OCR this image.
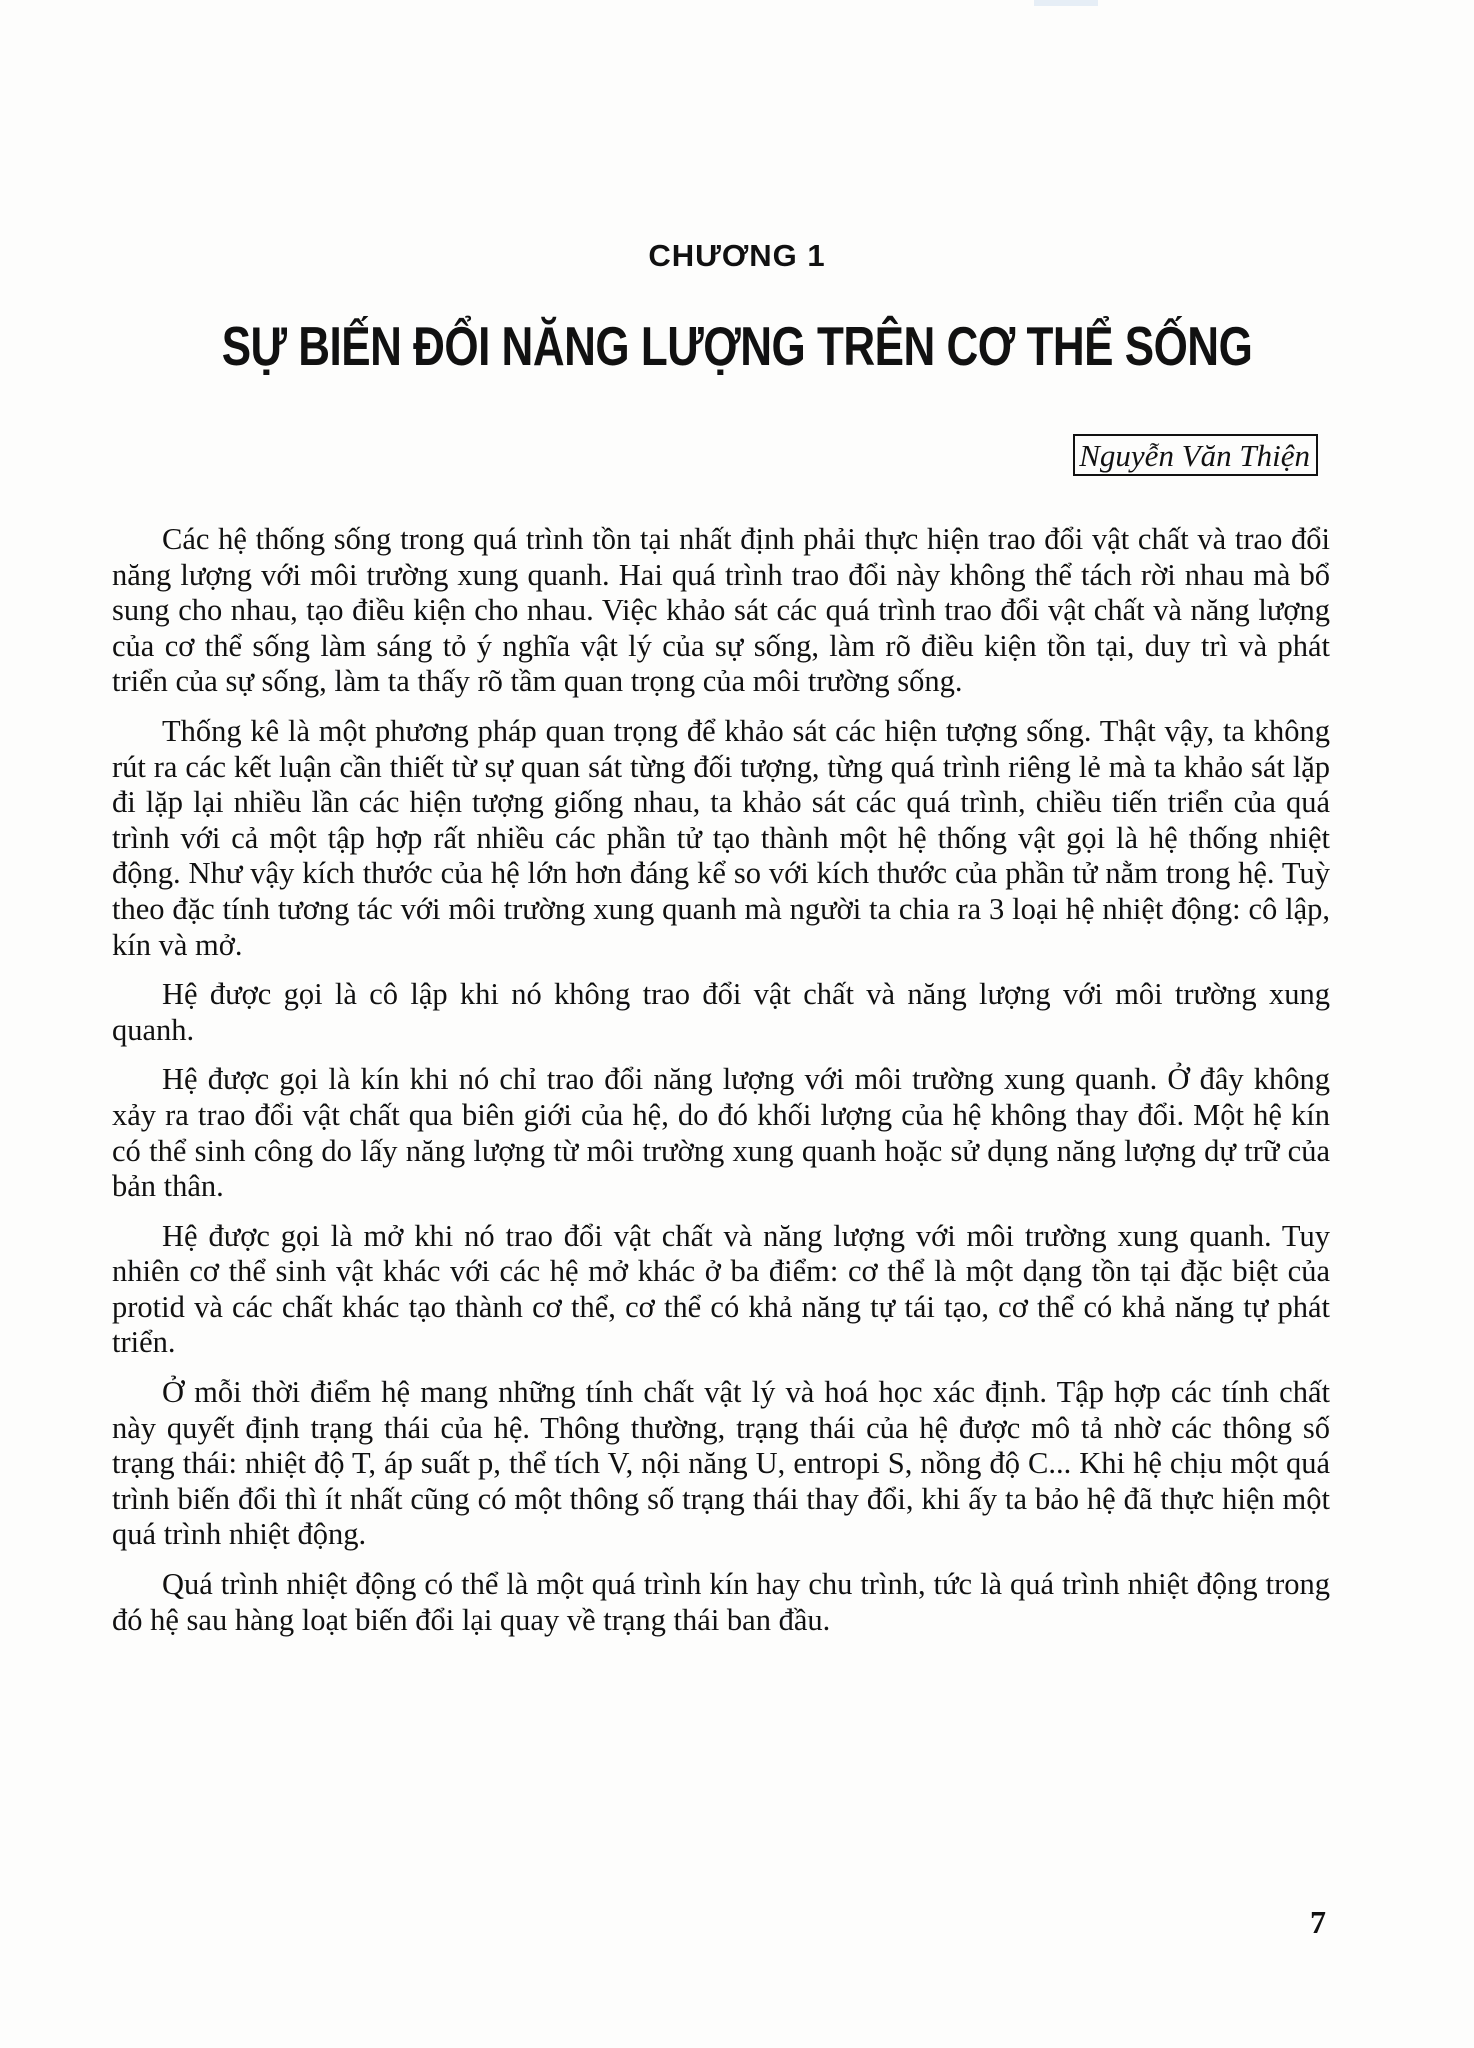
CHƯƠNG 1
SỰ BIẾN ĐỔI NĂNG LƯỢNG TRÊN CƠ THỂ SỐNG
Nguyễn Văn Thiện

Các hệ thống sống trong quá trình tồn tại nhất định phải thực hiện trao đổi vật chất và trao đổi năng lượng với môi trường xung quanh. Hai quá trình trao đổi này không thể tách rời nhau mà bổ sung cho nhau, tạo điều kiện cho nhau. Việc khảo sát các quá trình trao đổi vật chất và năng lượng của cơ thể sống làm sáng tỏ ý nghĩa vật lý của sự sống, làm rõ điều kiện tồn tại, duy trì và phát triển của sự sống, làm ta thấy rõ tầm quan trọng của môi trường sống.

Thống kê là một phương pháp quan trọng để khảo sát các hiện tượng sống. Thật vậy, ta không rút ra các kết luận cần thiết từ sự quan sát từng đối tượng, từng quá trình riêng lẻ mà ta khảo sát lặp đi lặp lại nhiều lần các hiện tượng giống nhau, ta khảo sát các quá trình, chiều tiến triển của quá trình với cả một tập hợp rất nhiều các phần tử tạo thành một hệ thống vật gọi là hệ thống nhiệt động. Như vậy kích thước của hệ lớn hơn đáng kể so với kích thước của phần tử nằm trong hệ. Tuỳ theo đặc tính tương tác với môi trường xung quanh mà người ta chia ra 3 loại hệ nhiệt động: cô lập, kín và mở.

Hệ được gọi là cô lập khi nó không trao đổi vật chất và năng lượng với môi trường xung quanh.

Hệ được gọi là kín khi nó chỉ trao đổi năng lượng với môi trường xung quanh. Ở đây không xảy ra trao đổi vật chất qua biên giới của hệ, do đó khối lượng của hệ không thay đổi. Một hệ kín có thể sinh công do lấy năng lượng từ môi trường xung quanh hoặc sử dụng năng lượng dự trữ của bản thân.

Hệ được gọi là mở khi nó trao đổi vật chất và năng lượng với môi trường xung quanh. Tuy nhiên cơ thể sinh vật khác với các hệ mở khác ở ba điểm: cơ thể là một dạng tồn tại đặc biệt của protid và các chất khác tạo thành cơ thể, cơ thể có khả năng tự tái tạo, cơ thể có khả năng tự phát triển.

Ở mỗi thời điểm hệ mang những tính chất vật lý và hoá học xác định. Tập hợp các tính chất này quyết định trạng thái của hệ. Thông thường, trạng thái của hệ được mô tả nhờ các thông số trạng thái: nhiệt độ T, áp suất p, thể tích V, nội năng U, entropi S, nồng độ C... Khi hệ chịu một quá trình biến đổi thì ít nhất cũng có một thông số trạng thái thay đổi, khi ấy ta bảo hệ đã thực hiện một quá trình nhiệt động.

Quá trình nhiệt động có thể là một quá trình kín hay chu trình, tức là quá trình nhiệt động trong đó hệ sau hàng loạt biến đổi lại quay về trạng thái ban đầu.

7
